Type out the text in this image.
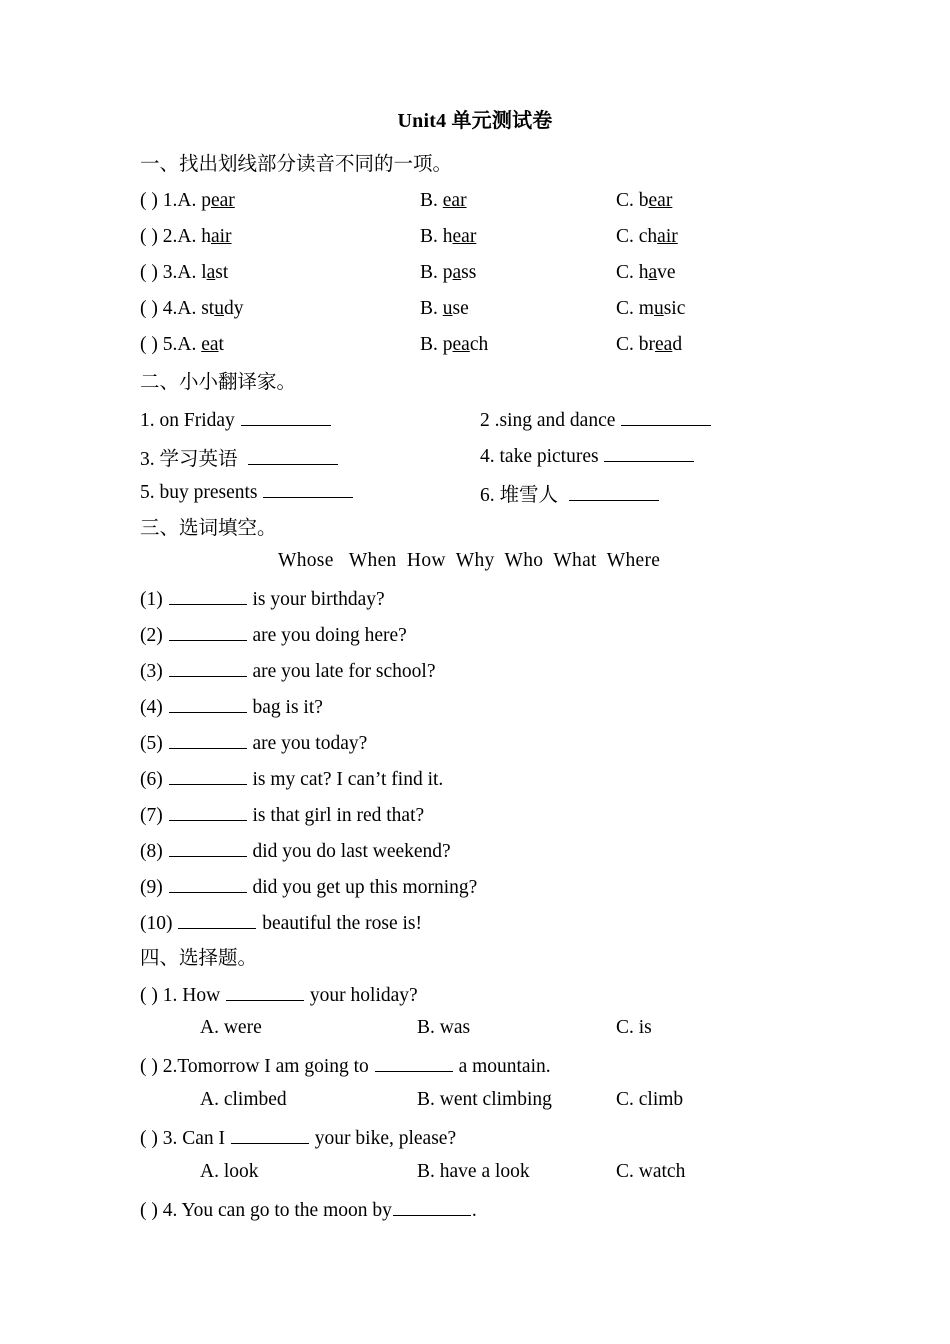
Unit4 单元测试卷
一、找出划线部分读音不同的一项。
( ) 1.A. pear	B. ear	C. bear
( ) 2.A. hair	B. hear	C. chair
( ) 3.A. last	B. pass	C. have
( ) 4.A. study	B. use	C. music
( ) 5.A. eat	B. peach	C. bread
二、小小翻译家。
1. on Friday	2 .sing and dance
3. 学习英语	4. take pictures
5. buy presents	6. 堆雪人
三、选词填空。
Whose   When  How  Why  Who  What  Where
(1)	is your birthday?
(2)	are you doing here?
(3)	are you late for school?
(4)	bag is it?
(5)	are you today?
(6)	is my cat? I can’t find it.
(7)	is that girl in red that?
(8)	did you do last weekend?
(9)	did you get up this morning?
(10)	beautiful the rose is!
四、选择题。
( ) 1. How	your holiday?
A. were	B. was	C. is
( ) 2.Tomorrow I am going to	a mountain.
A. climbed	B. went climbing	C. climb
( ) 3. Can I	your bike, please?
A. look	B. have a look	C. watch
( ) 4. You can go to the moon by	.
